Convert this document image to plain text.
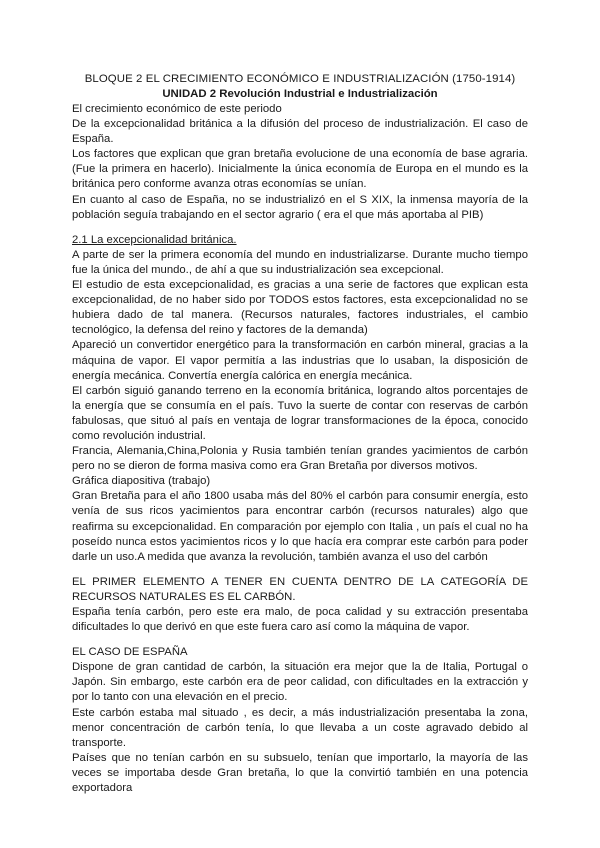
BLOQUE 2 EL CRECIMIENTO ECONÓMICO E INDUSTRIALIZACIÓN (1750-1914)

UNIDAD 2 Revolución Industrial e Industrialización

El crecimiento económico de este periodo

De la excepcionalidad británica a la difusión del proceso de industrialización. El caso de España.

Los factores que explican que gran bretaña evolucione de una economía de base agraria. (Fue la primera en hacerlo). Inicialmente la única economía de Europa en el mundo es la británica pero conforme avanza otras economías se unían.

En cuanto al caso de España, no se industrializó en el S XIX, la inmensa mayoría de la población seguía trabajando en el sector agrario ( era el que más aportaba al PIB)

2.1 La excepcionalidad británica.

A parte de ser la primera economía del mundo en industrializarse. Durante mucho tiempo fue la única del mundo., de ahí a que su industrialización sea excepcional.

El estudio de esta excepcionalidad, es gracias a una serie de factores que explican esta excepcionalidad, de no haber sido por TODOS estos factores, esta excepcionalidad no se hubiera dado de tal manera. (Recursos naturales, factores industriales, el cambio tecnológico, la defensa del reino y factores de la demanda)

Apareció un convertidor energético para la transformación en carbón mineral, gracias a la máquina de vapor. El vapor permitía a las industrias que lo usaban, la disposición de energía mecánica. Convertía energía calórica en energía mecánica.

El carbón siguió ganando terreno en la economía británica, logrando altos porcentajes de la energía que se consumía en el país. Tuvo la suerte de contar con reservas de carbón fabulosas, que situó al país en ventaja de lograr transformaciones de la época, conocido como revolución industrial.

Francia, Alemania,China,Polonia y Rusia también tenían grandes yacimientos de carbón pero no se dieron de forma masiva como era Gran Bretaña por diversos motivos.

Gráfica diapositiva (trabajo)

Gran Bretaña para el año 1800 usaba más del 80% el carbón para consumir energía, esto venía de sus ricos yacimientos para encontrar carbón (recursos naturales) algo que reafirma su excepcionalidad. En comparación por ejemplo con Italia , un país el cual no ha poseído nunca estos yacimientos ricos y lo que hacía era comprar este carbón para poder darle un uso.A medida que avanza la revolución, también avanza el uso del carbón

EL PRIMER ELEMENTO A TENER EN CUENTA DENTRO DE LA CATEGORÍA DE RECURSOS NATURALES ES EL CARBÓN.

España tenía carbón, pero este era malo, de poca calidad y su extracción presentaba dificultades lo que derivó en que este fuera caro así como la máquina de vapor.

EL CASO DE ESPAÑA

Dispone de gran cantidad de carbón, la situación era mejor que la de Italia, Portugal o Japón. Sin embargo, este carbón era de peor calidad, con dificultades en la extracción y por lo tanto con una elevación en el precio.

Este carbón estaba mal situado , es decir, a más industrialización presentaba la zona, menor concentración de carbón tenía, lo que llevaba a un coste agravado debido al transporte.

Países que no tenían carbón en su subsuelo, tenían que importarlo, la mayoría de las veces se importaba desde Gran bretaña, lo que la convirtió también en una potencia exportadora
